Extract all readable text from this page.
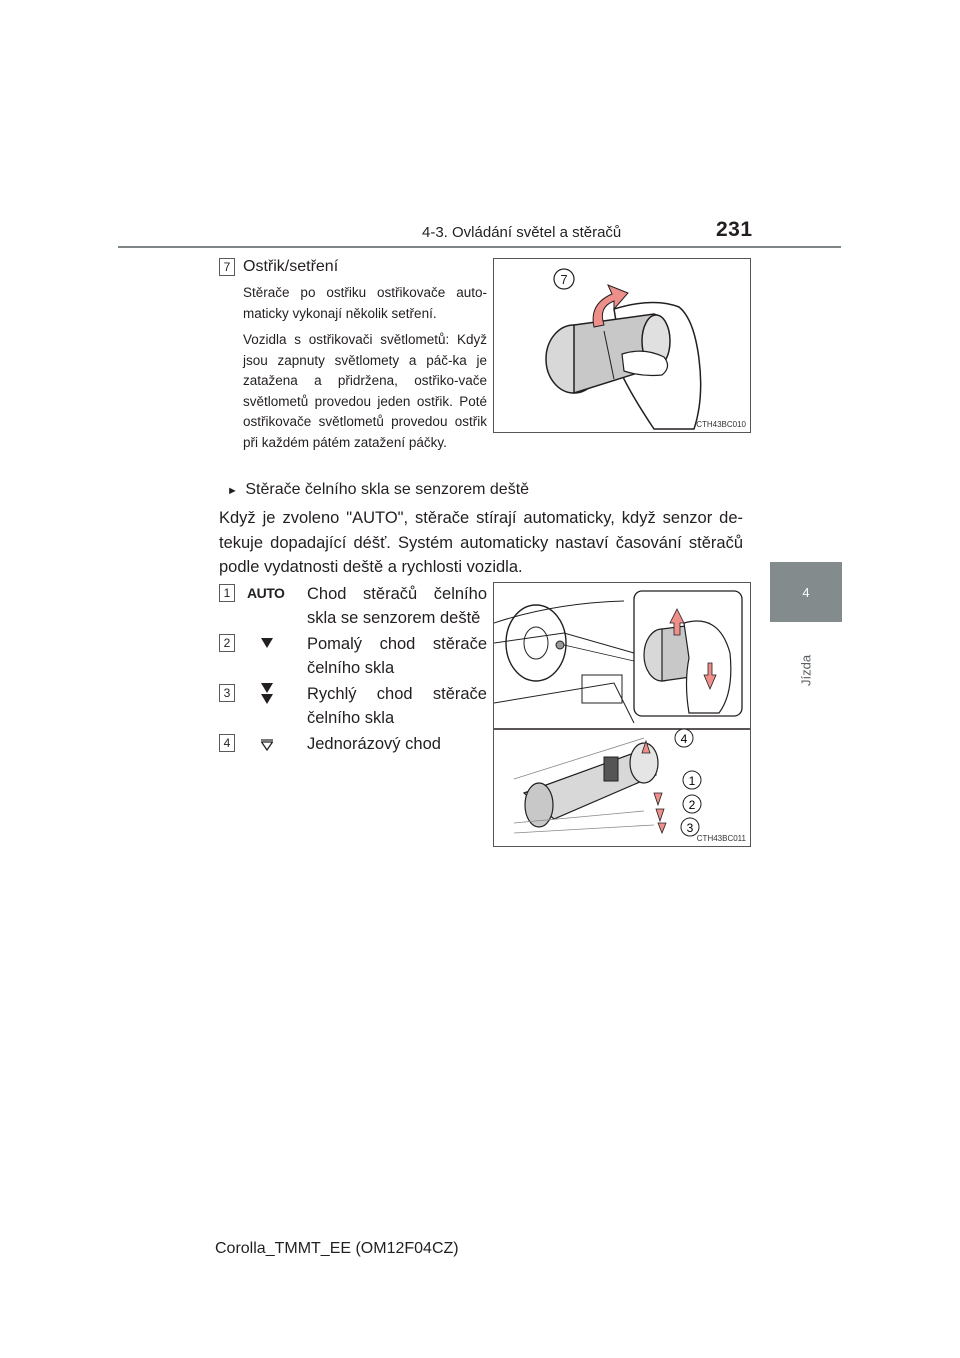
4-3. Ovládání světel a stěračů	231
4
Jízda
7 Ostřik/setření
Stěrače po ostřiku ostřikovače auto-maticky vykonají několik setření.
Vozidla s ostřikovači světlometů: Když jsou zapnuty světlomety a páč-ka je zatažena a přidržena, ostřiko-vače světlometů provedou jeden ostřik. Poté ostřikovače světlometů provedou ostřik při každém pátém zatažení páčky.
7
CTH43BC010
► Stěrače čelního skla se senzorem deště
Když je zvoleno "AUTO", stěrače stírají automaticky, když senzor de-tekuje dopadající déšť. Systém automaticky nastaví časování stěračů podle vydatnosti deště a rychlosti vozidla.
1	AUTO Chod stěračů čelního skla se senzorem deště
2	Pomalý chod stěrače čelního skla
3	Rychlý chod stěrače čelního skla
4	Jednorázový chod	4
1
2
3
CTH43BC011
Corolla_TMMT_EE (OM12F04CZ)
